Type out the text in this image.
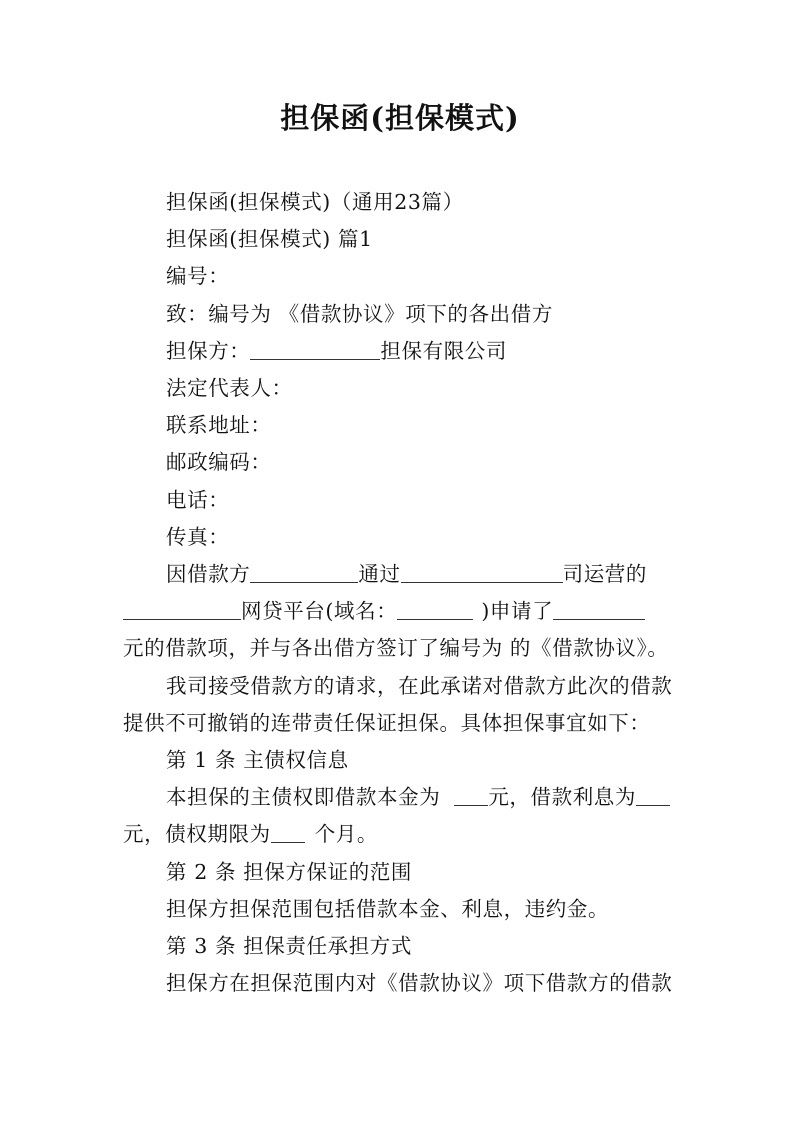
担保函(担保模式)

担保函(担保模式)（通用23篇）

担保函(担保模式) 篇1

编号：

致：编号为 《借款协议》项下的各出借方

担保方：	担保有限公司

法定代表人：

联系地址：

邮政编码：

电话：

传真：

因借款方	通过	司运营的

网贷平台(域名：	)申请了

元的借款项，并与各出借方签订了编号为 的《借款协议》。

我司接受借款方的请求，在此承诺对借款方此次的借款

提供不可撤销的连带责任保证担保。具体担保事宜如下：

第 1 条 主债权信息

本担保的主债权即借款本金为 元，借款利息为

元，债权期限为 个月。

第 2 条 担保方保证的范围

担保方担保范围包括借款本金、利息，违约金。

第 3 条 担保责任承担方式

担保方在担保范围内对《借款协议》项下借款方的借款
